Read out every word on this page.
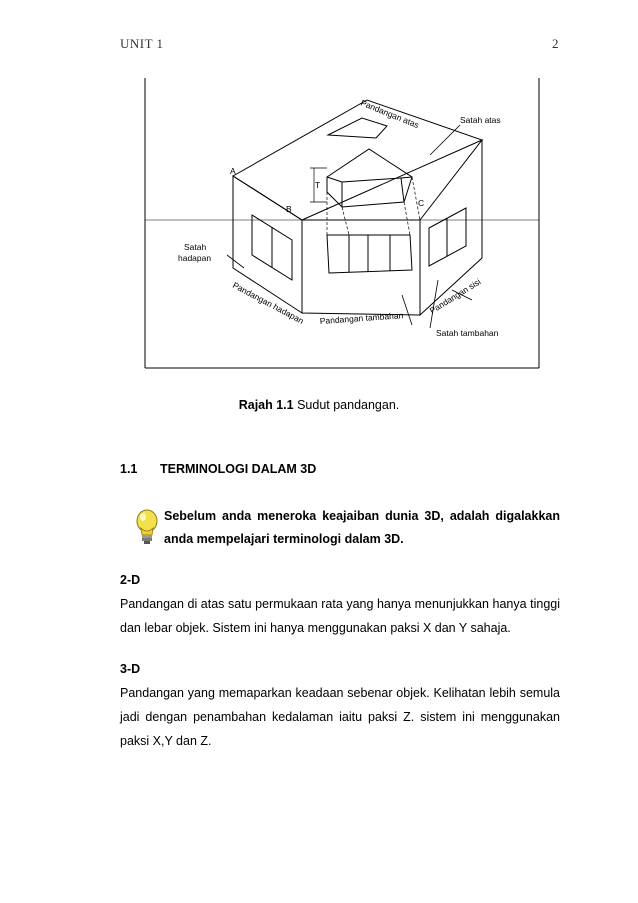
UNIT 1	2
Pandangan atas	Satah atas
A
B
C
T
Satah
hadapan
Pandangan hadapan Pandangan tambahan
Pandangan sisi
Satah tambahan
Rajah 1.1 Sudut pandangan.
1.1 TERMINOLOGI DALAM 3D
Sebelum anda meneroka keajaiban dunia 3D, adalah digalakkan anda mempelajari terminologi dalam 3D.
2-D
Pandangan di atas satu permukaan rata yang hanya menunjukkan hanya tinggi dan lebar objek. Sistem ini hanya menggunakan paksi X dan Y sahaja.
3-D
Pandangan yang memaparkan keadaan sebenar objek. Kelihatan lebih semula jadi dengan penambahan kedalaman iaitu paksi Z. sistem ini menggunakan paksi X,Y dan Z.
